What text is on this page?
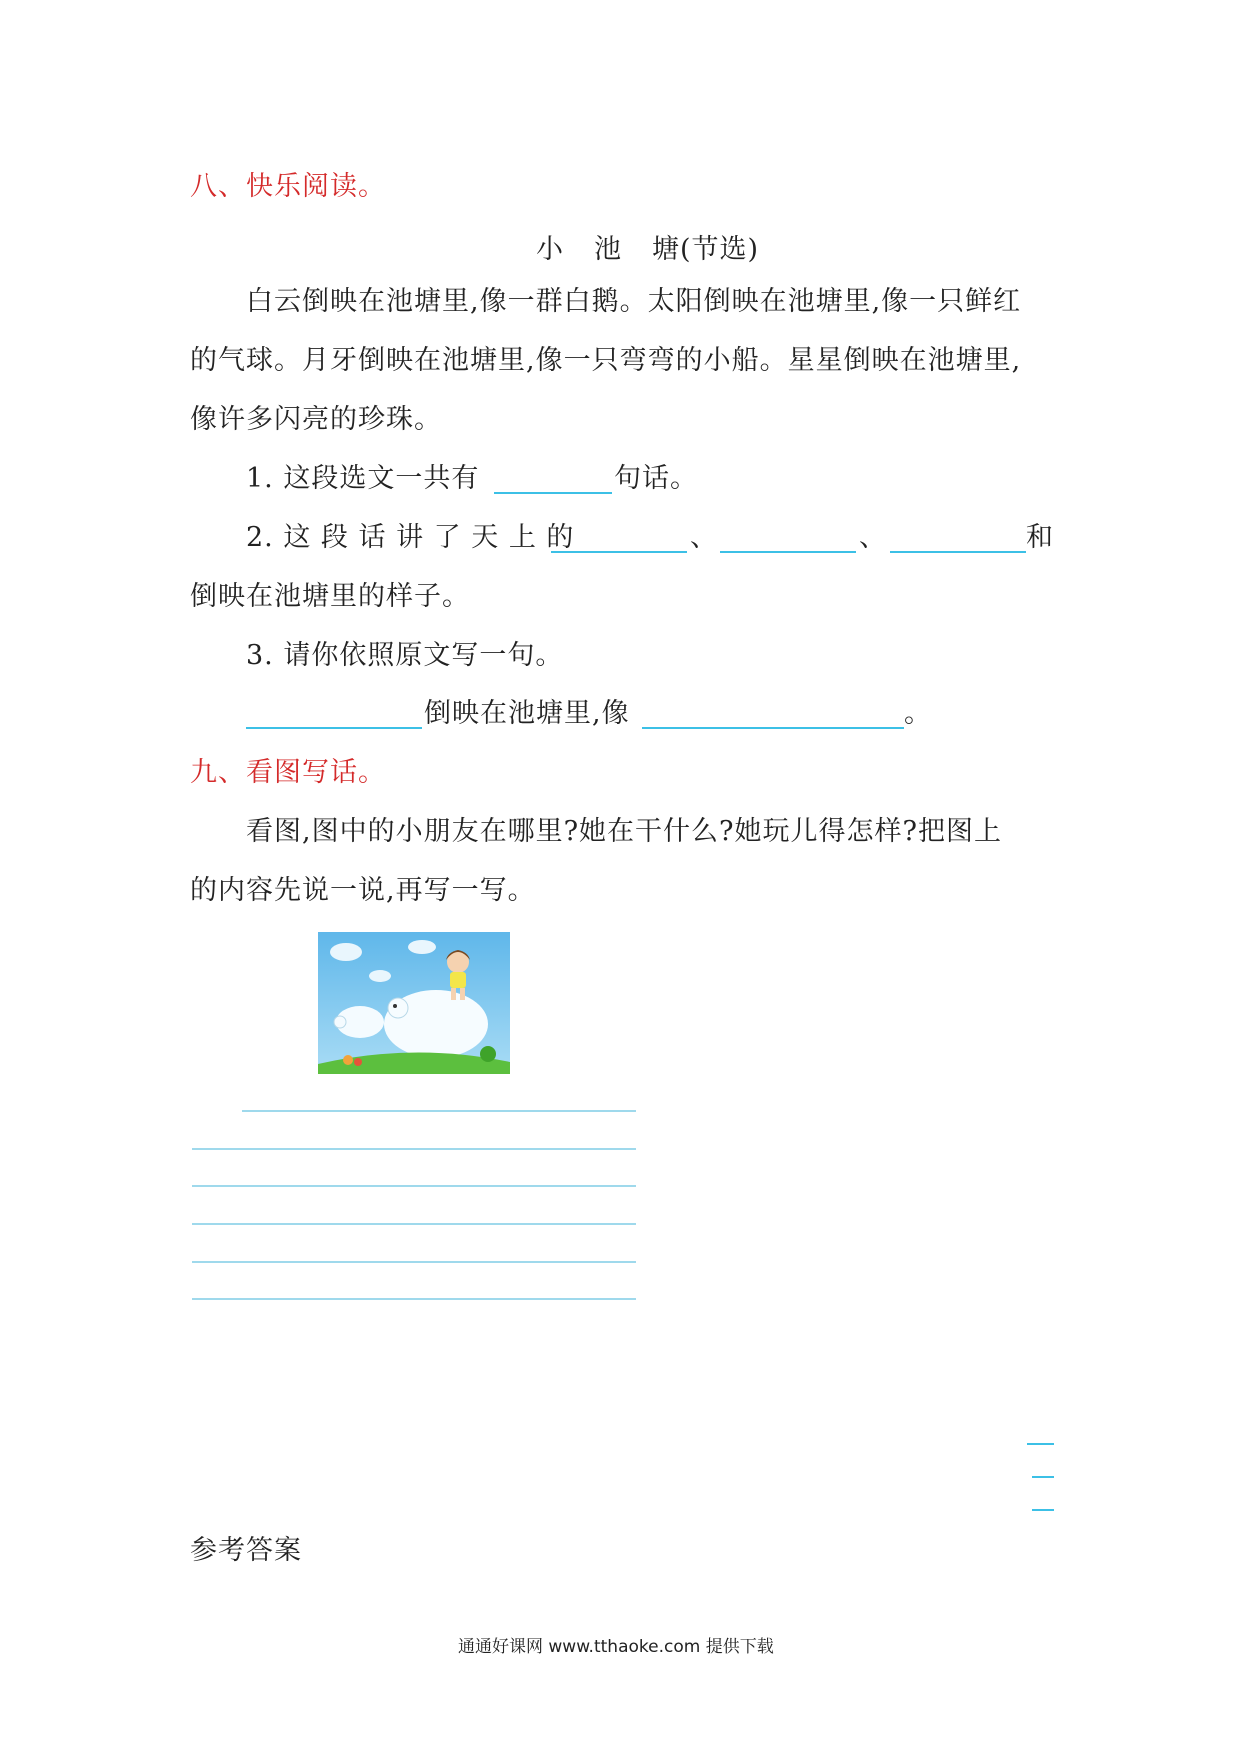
八、快乐阅读。
小 池 塘(节选)
白云倒映在池塘里,像一群白鹅。太阳倒映在池塘里,像一只鲜红
的气球。月牙倒映在池塘里,像一只弯弯的小船。星星倒映在池塘里,
像许多闪亮的珍珠。
1. 这段选文一共有	句话。
2. 这 段 话 讲 了 天 上 的	、	、	和
倒映在池塘里的样子。
3. 请你依照原文写一句。
倒映在池塘里,像	。
九、看图写话。
看图,图中的小朋友在哪里?她在干什么?她玩儿得怎样?把图上
的内容先说一说,再写一写。
参考答案
通通好课网 www.tthaoke.com 提供下载
